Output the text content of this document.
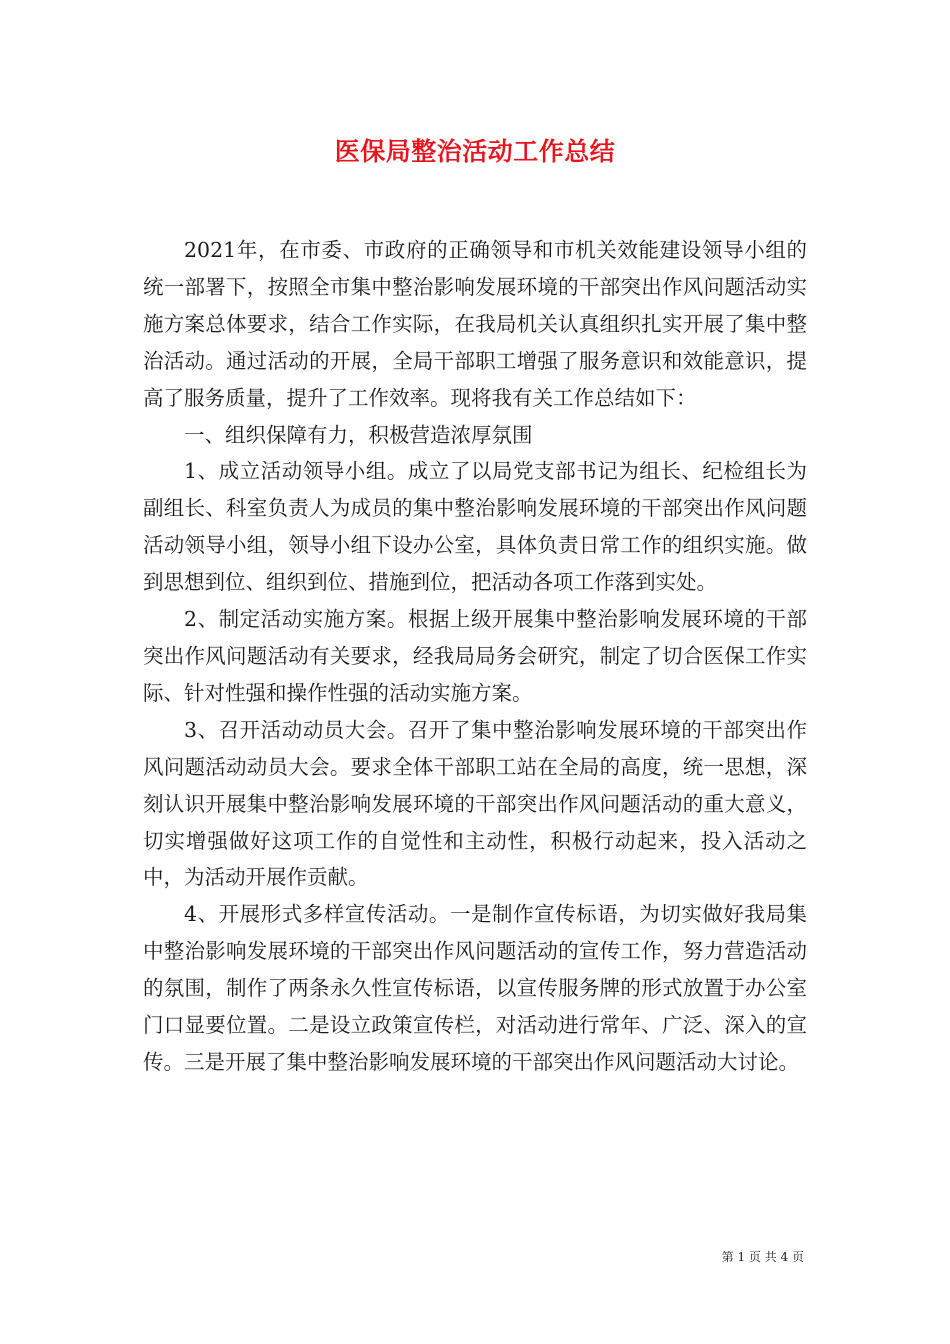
医保局整治活动工作总结

2021年，在市委、市政府的正确领导和市机关效能建设领导小组的统一部署下，按照全市集中整治影响发展环境的干部突出作风问题活动实施方案总体要求，结合工作实际，在我局机关认真组织扎实开展了集中整治活动。通过活动的开展，全局干部职工增强了服务意识和效能意识，提高了服务质量，提升了工作效率。现将我有关工作总结如下：

一、组织保障有力，积极营造浓厚氛围

1、成立活动领导小组。成立了以局党支部书记为组长、纪检组长为副组长、科室负责人为成员的集中整治影响发展环境的干部突出作风问题活动领导小组，领导小组下设办公室，具体负责日常工作的组织实施。做到思想到位、组织到位、措施到位，把活动各项工作落到实处。

2、制定活动实施方案。根据上级开展集中整治影响发展环境的干部突出作风问题活动有关要求，经我局局务会研究，制定了切合医保工作实际、针对性强和操作性强的活动实施方案。

3、召开活动动员大会。召开了集中整治影响发展环境的干部突出作风问题活动动员大会。要求全体干部职工站在全局的高度，统一思想，深刻认识开展集中整治影响发展环境的干部突出作风问题活动的重大意义，切实增强做好这项工作的自觉性和主动性，积极行动起来，投入活动之中，为活动开展作贡献。

4、开展形式多样宣传活动。一是制作宣传标语，为切实做好我局集中整治影响发展环境的干部突出作风问题活动的宣传工作，努力营造活动的氛围，制作了两条永久性宣传标语，以宣传服务牌的形式放置于办公室门口显要位置。二是设立政策宣传栏，对活动进行常年、广泛、深入的宣传。三是开展了集中整治影响发展环境的干部突出作风问题活动大讨论。

第 1 页 共 4 页
